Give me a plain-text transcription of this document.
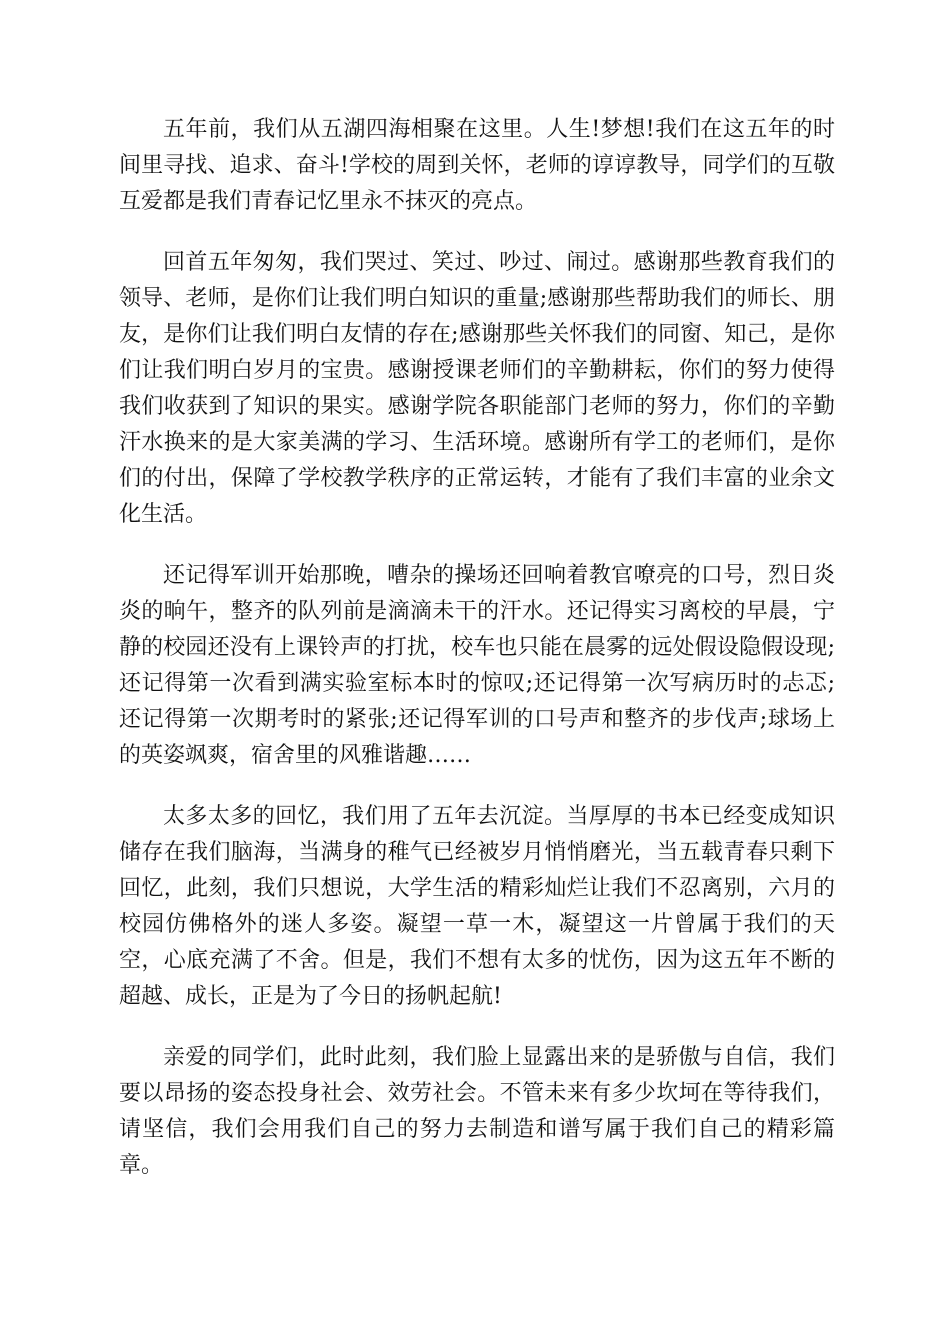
五年前，我们从五湖四海相聚在这里。人生!梦想!我们在这五年的时间里寻找、追求、奋斗!学校的周到关怀，老师的谆谆教导，同学们的互敬互爱都是我们青春记忆里永不抹灭的亮点。

回首五年匆匆，我们哭过、笑过、吵过、闹过。感谢那些教育我们的领导、老师，是你们让我们明白知识的重量;感谢那些帮助我们的师长、朋友，是你们让我们明白友情的存在;感谢那些关怀我们的同窗、知己，是你们让我们明白岁月的宝贵。感谢授课老师们的辛勤耕耘，你们的努力使得我们收获到了知识的果实。感谢学院各职能部门老师的努力，你们的辛勤汗水换来的是大家美满的学习、生活环境。感谢所有学工的老师们，是你们的付出，保障了学校教学秩序的正常运转，才能有了我们丰富的业余文化生活。

还记得军训开始那晚，嘈杂的操场还回响着教官嘹亮的口号，烈日炎炎的晌午，整齐的队列前是滴滴未干的汗水。还记得实习离校的早晨，宁静的校园还没有上课铃声的打扰，校车也只能在晨雾的远处假设隐假设现;还记得第一次看到满实验室标本时的惊叹;还记得第一次写病历时的忐忑;还记得第一次期考时的紧张;还记得军训的口号声和整齐的步伐声;球场上的英姿飒爽，宿舍里的风雅谐趣……

太多太多的回忆，我们用了五年去沉淀。当厚厚的书本已经变成知识储存在我们脑海，当满身的稚气已经被岁月悄悄磨光，当五载青春只剩下回忆，此刻，我们只想说，大学生活的精彩灿烂让我们不忍离别，六月的校园仿佛格外的迷人多姿。凝望一草一木，凝望这一片曾属于我们的天空，心底充满了不舍。但是，我们不想有太多的忧伤，因为这五年不断的超越、成长，正是为了今日的扬帆起航!

亲爱的同学们，此时此刻，我们脸上显露出来的是骄傲与自信，我们要以昂扬的姿态投身社会、效劳社会。不管未来有多少坎坷在等待我们，请坚信，我们会用我们自己的努力去制造和谱写属于我们自己的精彩篇章。
